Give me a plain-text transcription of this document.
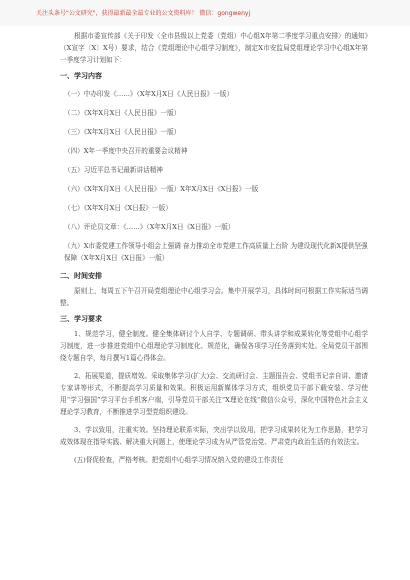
关注头条号"公文研究"，获得最新最全最专业的公文资料库！ 微信：gongwenyj

根据市委宣传部《关于印发〈全市县级以上党委（党组）中心组X年第二季度学习重点安排〉的通知》（X宣字〔X〕X号）要求，结合《党组理论中心组学习制度》，制定X市安监局党组理论学习中心组X年第一季度学习计划如下：

一、学习内容
（一）中办印发《……》（X年X月X日《人民日报》一版）
（二）《X年X月X日《人民日报》一版）
（三）《X年X月X日《人民日报》一版）
（四）X年一季度中央召开的重要会议精神
（五）习近平总书记最新讲话精神
（六）《X年X月X日《人民日报》一版）X年X月X日《X日报》一版
（七）《X年X月X日《X日报》一版）
（八）评论员文章：《……》（X年X月X日《X日报》一版）
（九）X市委党建工作领导小组会上强调 奋力推动全市党建工作高质量上台阶 为建设现代化新X提供坚强保障（X年X月X日《X日报》一版）
二、时间安排

原则上，每周五下午召开局党组理论中心组学习会。集中开展学习，具体时间可根据工作实际适当调整。

三、学习要求

1、规范学习，健全制度。健全集体研讨个人自学、专题调研、带头讲学和成果转化等党组中心组学习制度，进一步推进党组中心组理论学习制度化、规范化，确保各项学习任务落到实处。全局党员干部围绕专题自学，每月撰写1篇心得体会。

2、拓展渠道，提质增效。采取集体学习(扩大)会、交流研讨会、主题报告会、党组书记亲自讲、邀请专家讲等形式，不断提高学习质量和效果。积极运用新媒体学习方式，组织党员干部下载安装、学习使用“学习强国”学习平台手机客户端，引导党员干部关注“X理论在线”微信公众号，深化中国特色社会主义理论学习教育，不断推进学习型党组织建设。

3、学以致用，注重实效。坚持理论联系实际，突出学以致用，把学习成果转化为工作思路，把学习成效体现在指导实践、解决重大问题上，使理论学习成为从严管党治党、严肃党内政治生活的有效法宝。

(五)督促检查，严格考核。把党组中心组学习情况纳入党的建设工作责任
